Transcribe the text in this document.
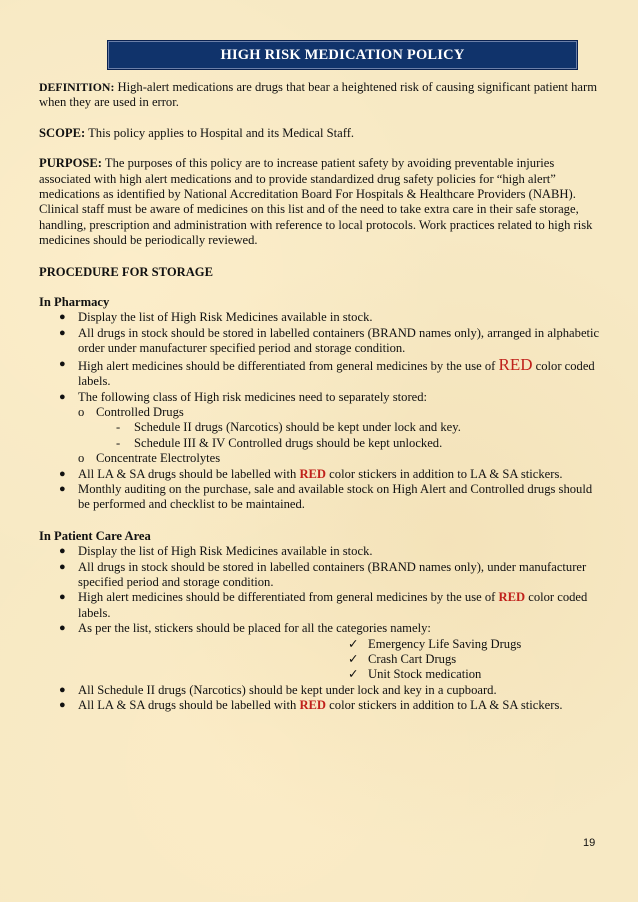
HIGH RISK MEDICATION POLICY

DEFINITION: High-alert medications are drugs that bear a heightened risk of causing significant patient harm when they are used in error.

SCOPE: This policy applies to Hospital and its Medical Staff.

PURPOSE: The purposes of this policy are to increase patient safety by avoiding preventable injuries associated with high alert medications and to provide standardized drug safety policies for “high alert” medications as identified by National Accreditation Board For Hospitals & Healthcare Providers (NABH). Clinical staff must be aware of medicines on this list and of the need to take extra care in their safe storage, handling, prescription and administration with reference to local protocols. Work practices related to high risk medicines should be periodically reviewed.

PROCEDURE FOR STORAGE

In Pharmacy

● Display the list of High Risk Medicines available in stock.
● All drugs in stock should be stored in labelled containers (BRAND names only), arranged in alphabetic order under manufacturer specified period and storage condition.
● High alert medicines should be differentiated from general medicines by the use of RED color coded labels.
● The following class of High risk medicines need to separately stored:
o Controlled Drugs
- Schedule II drugs (Narcotics) should be kept under lock and key.
- Schedule III & IV Controlled drugs should be kept unlocked.
o Concentrate Electrolytes
● All LA & SA drugs should be labelled with RED color stickers in addition to LA & SA stickers.
● Monthly auditing on the purchase, sale and available stock on High Alert and Controlled drugs should be performed and checklist to be maintained.

In Patient Care Area

● Display the list of High Risk Medicines available in stock.
● All drugs in stock should be stored in labelled containers (BRAND names only), under manufacturer specified period and storage condition.
● High alert medicines should be differentiated from general medicines by the use of RED color coded labels.
● As per the list, stickers should be placed for all the categories namely:
✓ Emergency Life Saving Drugs
✓ Crash Cart Drugs
✓ Unit Stock medication
● All Schedule II drugs (Narcotics) should be kept under lock and key in a cupboard.
● All LA & SA drugs should be labelled with RED color stickers in addition to LA & SA stickers.
19
